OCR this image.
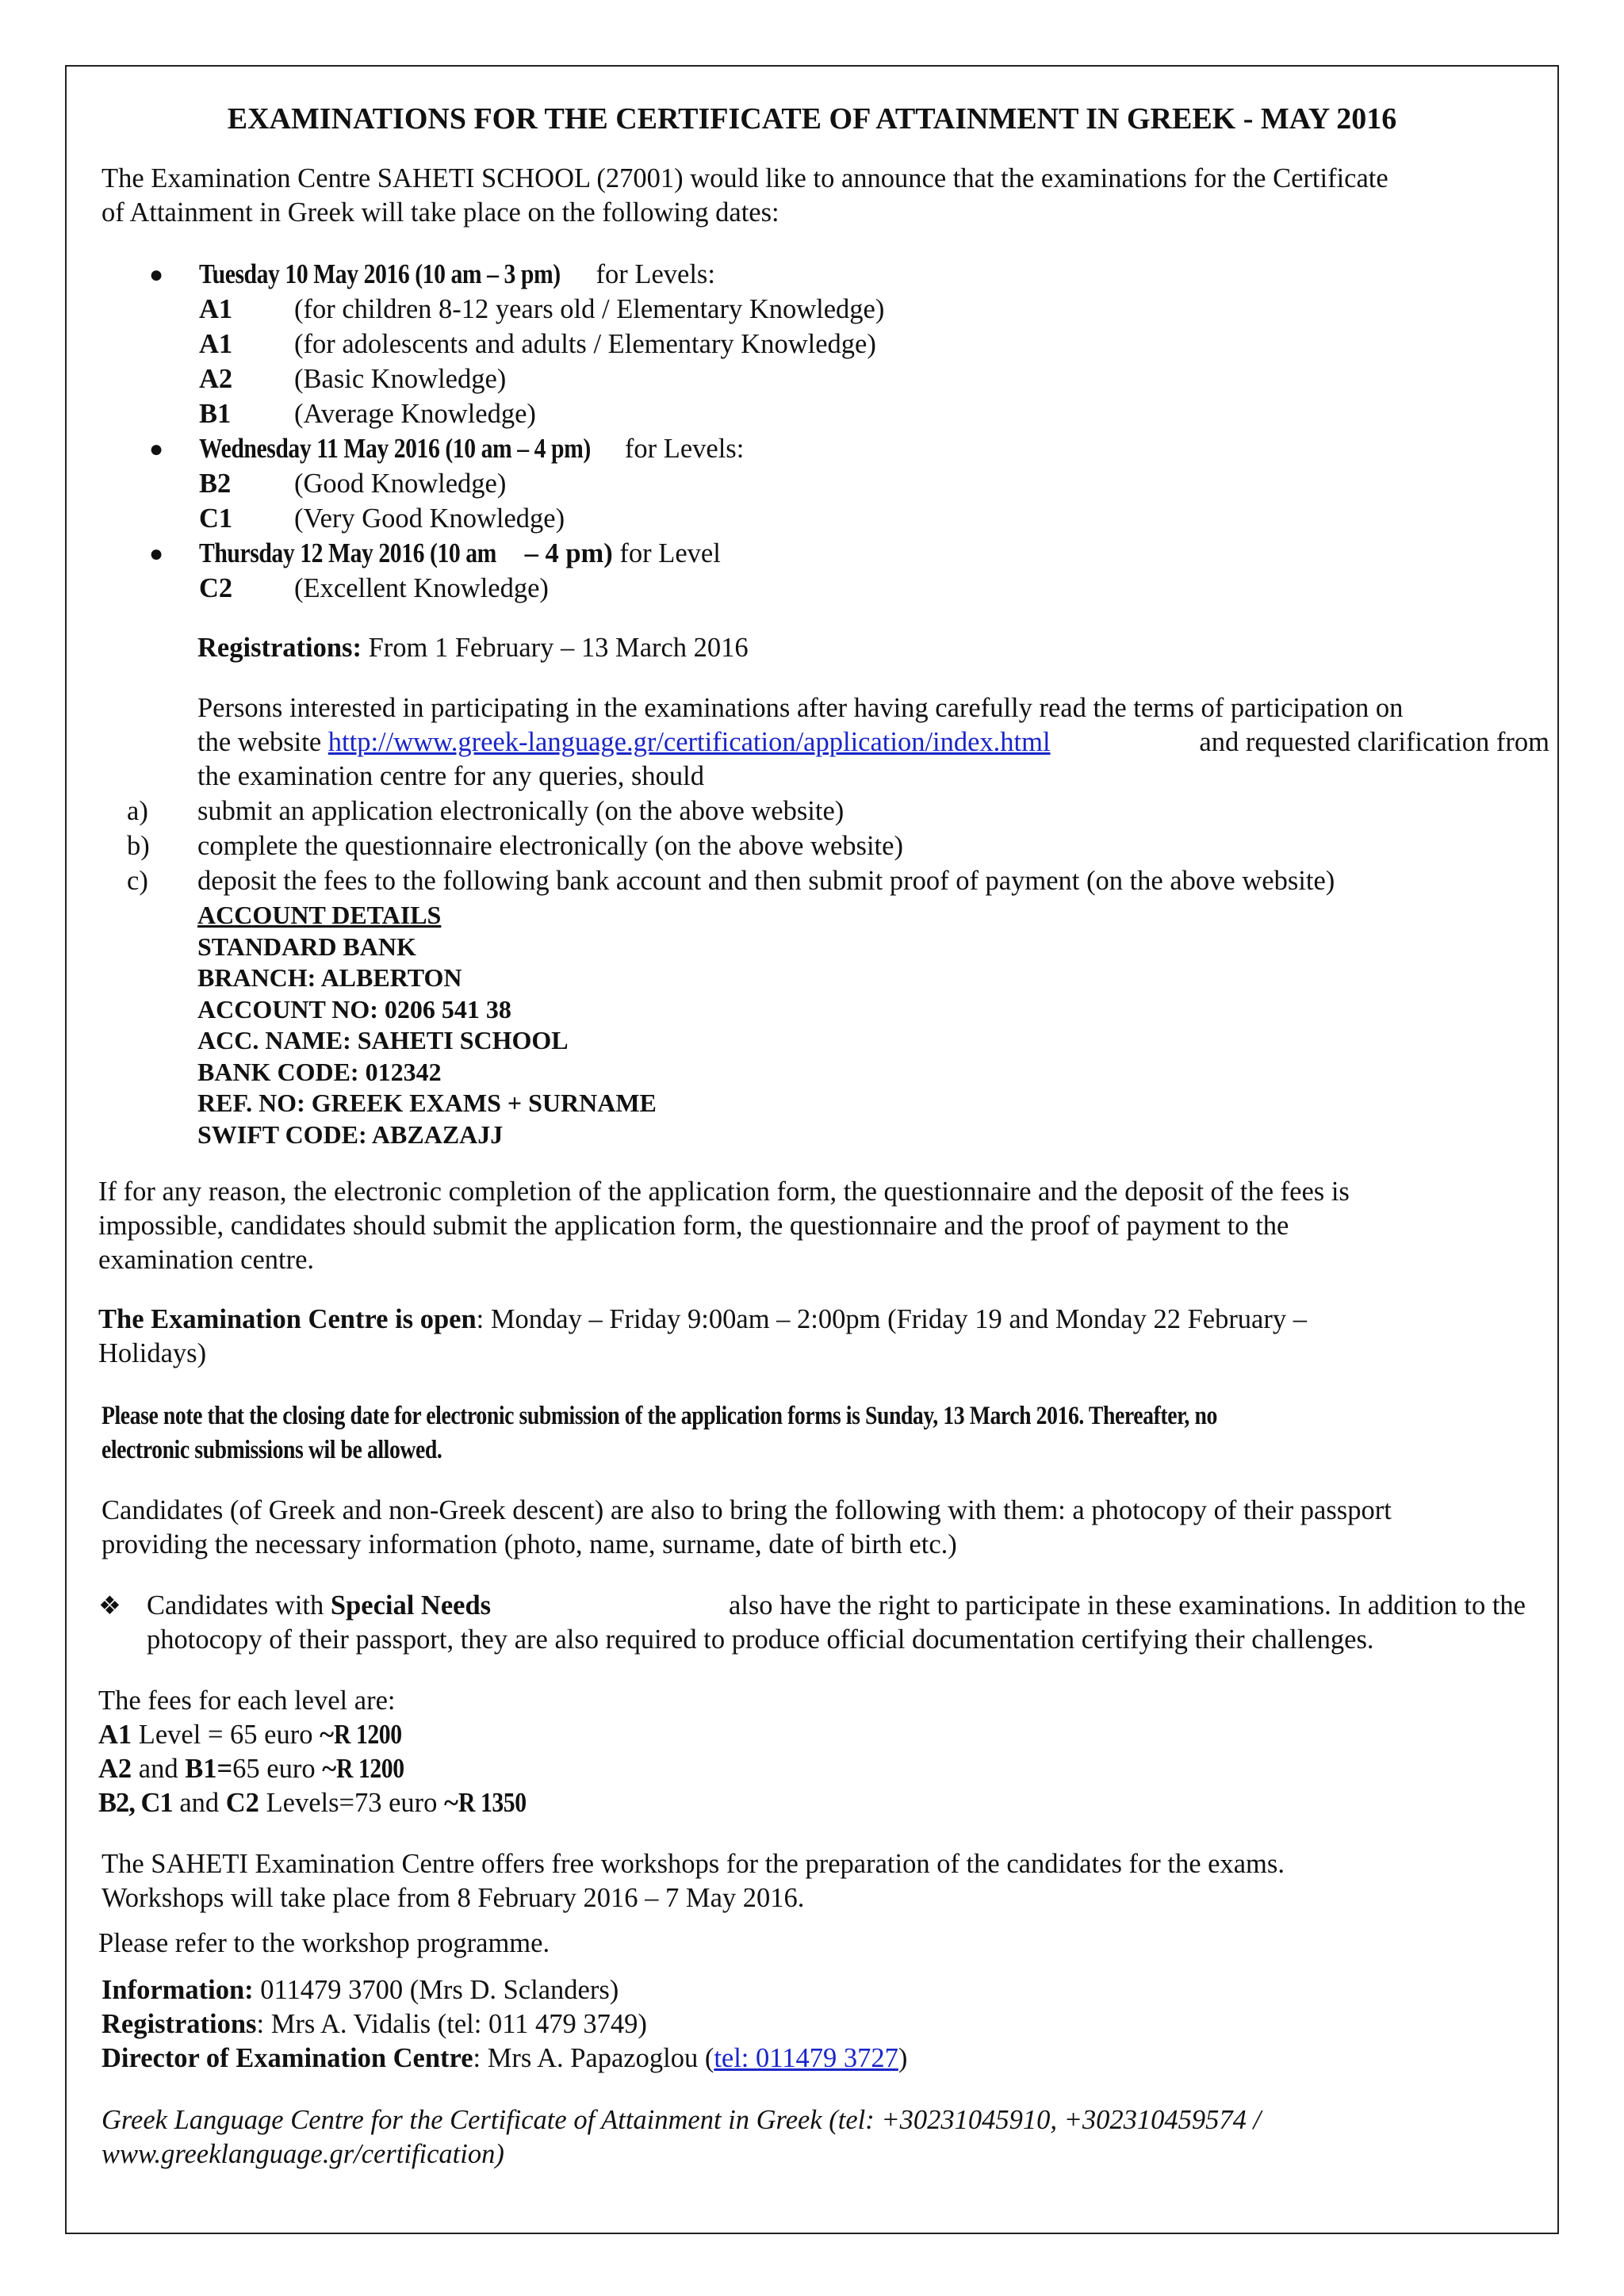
EXAMINATIONS FOR THE CERTIFICATE OF ATTAINMENT IN GREEK - MAY 2016
The Examination Centre SAHETI SCHOOL (27001) would like to announce that the examinations for the Certificate
of Attainment in Greek will take place on the following dates:
● Tuesday 10 May 2016 (10 am – 3 pm) for Levels:
A1 (for children 8-12 years old / Elementary Knowledge)
A1 (for adolescents and adults / Elementary Knowledge)
A2 (Basic Knowledge)
B1 (Average Knowledge)
● Wednesday 11 May 2016 (10 am – 4 pm) for Levels:
B2 (Good Knowledge)
C1 (Very Good Knowledge)
● Thursday 12 May 2016 (10 am – 4 pm) for Level
C2 (Excellent Knowledge)
Registrations: From 1 February – 13 March 2016
Persons interested in participating in the examinations after having carefully read the terms of participation on
the website http://www.greek-language.gr/certification/application/index.html	and requested clarification from
the examination centre for any queries, should
a) submit an application electronically (on the above website)
b) complete the questionnaire electronically (on the above website)
c) deposit the fees to the following bank account and then submit proof of payment (on the above website)
ACCOUNT DETAILS
STANDARD BANK
BRANCH: ALBERTON
ACCOUNT NO: 0206 541 38
ACC. NAME: SAHETI SCHOOL
BANK CODE: 012342
REF. NO: GREEK EXAMS + SURNAME
SWIFT CODE: ABZAZAJJ
If for any reason, the electronic completion of the application form, the questionnaire and the deposit of the fees is
impossible, candidates should submit the application form, the questionnaire and the proof of payment to the
examination centre.
The Examination Centre is open: Monday – Friday 9:00am – 2:00pm (Friday 19 and Monday 22 February –
Holidays)
Please note that the closing date for electronic submission of the application forms is Sunday, 13 March 2016. Thereafter, no
electronic submissions wil be allowed.
Candidates (of Greek and non-Greek descent) are also to bring the following with them: a photocopy of their passport
providing the necessary information (photo, name, surname, date of birth etc.)
❖ Candidates with Special Needs	also have the right to participate in these examinations. In addition to the
photocopy of their passport, they are also required to produce official documentation certifying their challenges.
The fees for each level are:
A1 Level = 65 euro ~R 1200
A2 and B1=65 euro ~R 1200
B2, C1 and C2 Levels=73 euro ~R 1350
The SAHETI Examination Centre offers free workshops for the preparation of the candidates for the exams.
Workshops will take place from 8 February 2016 – 7 May 2016.
Please refer to the workshop programme.
Information: 011479 3700 (Mrs D. Sclanders)
Registrations: Mrs A. Vidalis (tel: 011 479 3749)
Director of Examination Centre: Mrs A. Papazoglou (tel: 011479 3727)
Greek Language Centre for the Certificate of Attainment in Greek (tel: +30231045910, +302310459574 /
www.greeklanguage.gr/certification)
